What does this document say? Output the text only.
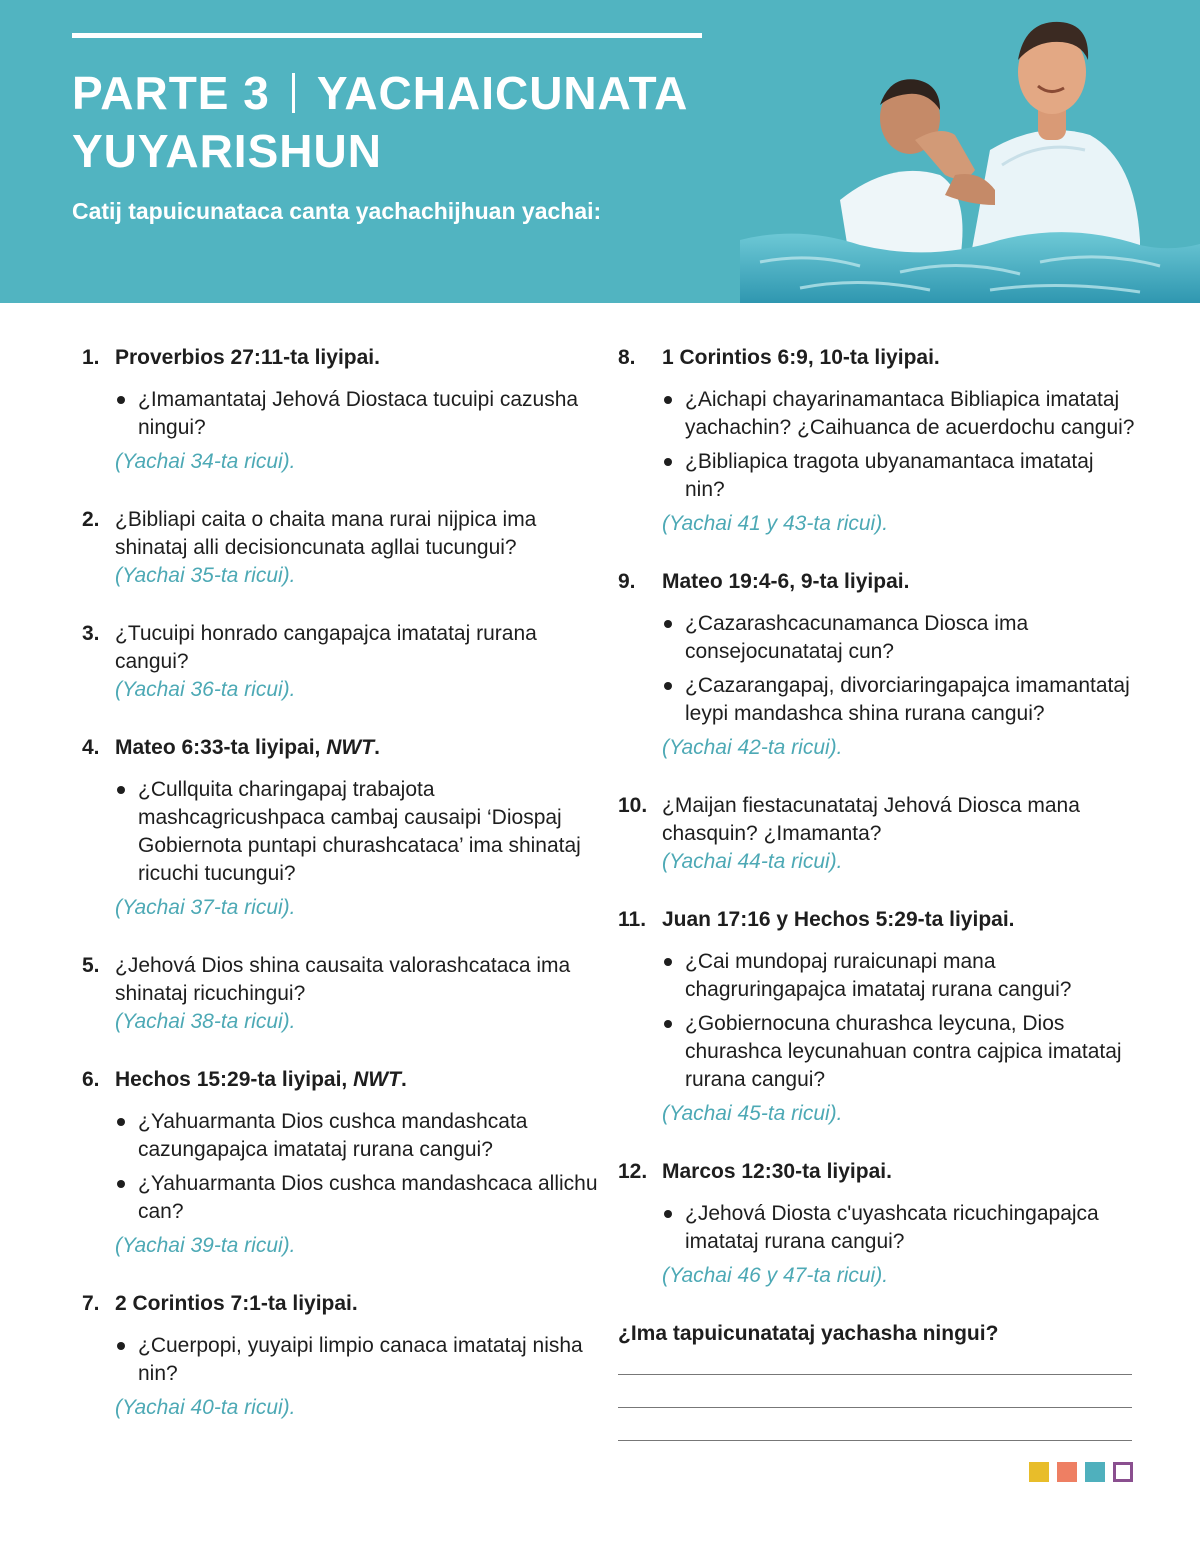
PARTE 3 YACHAICUNATA YUYARISHUN
Catij tapuicunataca canta yachachijhuan yachai:
1. Proverbios 27:11-ta liyipai.
¿Imamantataj Jehová Diostaca tucuipi cazusha ningui?
(Yachai 34-ta ricui).
2. ¿Bibliapi caita o chaita mana rurai nijpica ima shinataj alli decisioncunata agllai tucungui?
(Yachai 35-ta ricui).
3. ¿Tucuipi honrado cangapajca imatataj rurana cangui?
(Yachai 36-ta ricui).
4. Mateo 6:33-ta liyipai, NWT.
¿Cullquita charingapaj trabajota mashcagricushpaca cambaj causaipi ‘Diospaj Gobiernota puntapi churashcataca’ ima shinataj ricuchi tucungui?
(Yachai 37-ta ricui).
5. ¿Jehová Dios shina causaita valorashcataca ima shinataj ricuchingui?
(Yachai 38-ta ricui).
6. Hechos 15:29-ta liyipai, NWT.
¿Yahuarmanta Dios cushca mandashcata cazungapajca imatataj rurana cangui?
¿Yahuarmanta Dios cushca mandashcaca allichu can?
(Yachai 39-ta ricui).
7. 2 Corintios 7:1-ta liyipai.
¿Cuerpopi, yuyaipi limpio canaca imatataj nisha nin?
(Yachai 40-ta ricui).
8.	1 Corintios 6:9, 10-ta liyipai.
¿Aichapi chayarinamantaca Bibliapica imatataj yachachin? ¿Caihuanca de acuerdochu cangui?
¿Bibliapica tragota ubyanamantaca imatataj nin?
(Yachai 41 y 43-ta ricui).
9.	Mateo 19:4-6, 9-ta liyipai.
¿Cazarashcacunamanca Diosca ima consejocunatataj cun?
¿Cazarangapaj, divorciaringapajca imamantataj leypi mandashca shina rurana cangui?
(Yachai 42-ta ricui).
10. ¿Maijan fiestacunatataj Jehová Diosca mana chasquin? ¿Imamanta?
(Yachai 44-ta ricui).
11. Juan 17:16 y Hechos 5:29-ta liyipai.
¿Cai mundopaj ruraicunapi mana chagruringapajca imatataj rurana cangui?
¿Gobiernocuna churashca leycuna, Dios churashca leycunahuan contra cajpica imatataj rurana cangui?
(Yachai 45-ta ricui).
12. Marcos 12:30-ta liyipai.
¿Jehová Diosta c'uyashcata ricuchingapajca imatataj rurana cangui?
(Yachai 46 y 47-ta ricui).
¿Ima tapuicunatataj yachasha ningui?
